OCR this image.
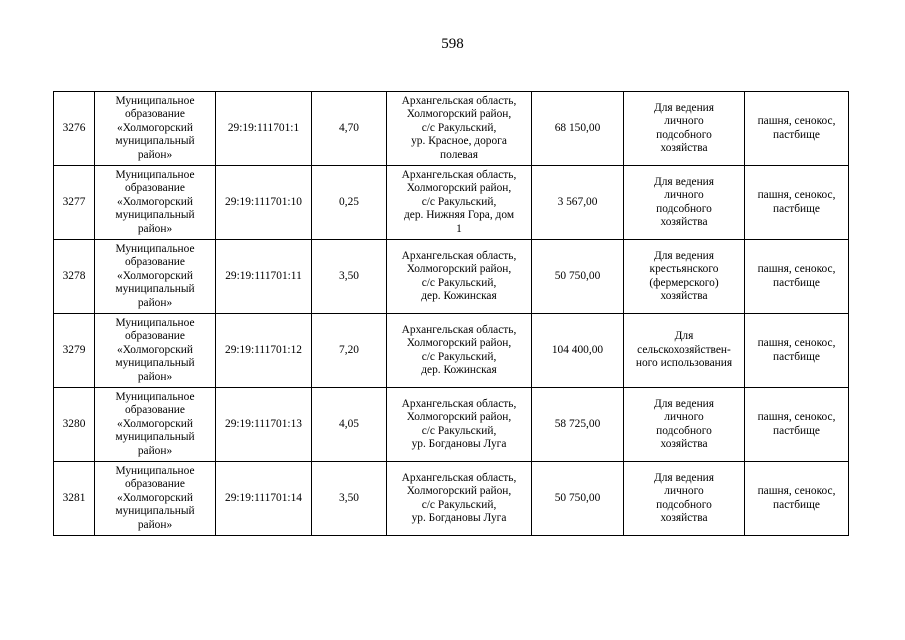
598
3276	Муниципальное
образование
«Холмогорский
муниципальный
район»	29:19:111701:1	4,70	Архангельская область,
Холмогорский район,
с/с Ракульский,
ур. Красное, дорога
полевая	68 150,00	Для ведения
личного
подсобного
хозяйства	пашня, сенокос,
пастбище

3277	Муниципальное
образование
«Холмогорский
муниципальный
район»	29:19:111701:10	0,25	Архангельская область,
Холмогорский район,
с/с Ракульский,
дер. Нижняя Гора, дом
1	3 567,00	Для ведения
личного
подсобного
хозяйства	пашня, сенокос,
пастбище

3278	Муниципальное
образование
«Холмогорский
муниципальный
район»	29:19:111701:11	3,50	Архангельская область,
Холмогорский район,
с/с Ракульский,
дер. Кожинская	50 750,00	Для ведения
крестьянского
(фермерского)
хозяйства	пашня, сенокос,
пастбище

3279	Муниципальное
образование
«Холмогорский
муниципальный
район»	29:19:111701:12	7,20	Архангельская область,
Холмогорский район,
с/с Ракульский,
дер. Кожинская	104 400,00	Для
сельскохозяйствен-
ного использования	пашня, сенокос,
пастбище

3280	Муниципальное
образование
«Холмогорский
муниципальный
район»	29:19:111701:13	4,05	Архангельская область,
Холмогорский район,
с/с Ракульский,
ур. Богдановы Луга	58 725,00	Для ведения
личного
подсобного
хозяйства	пашня, сенокос,
пастбище

3281	Муниципальное
образование
«Холмогорский
муниципальный
район»	29:19:111701:14	3,50	Архангельская область,
Холмогорский район,
с/с Ракульский,
ур. Богдановы Луга	50 750,00	Для ведения
личного
подсобного
хозяйства	пашня, сенокос,
пастбище
